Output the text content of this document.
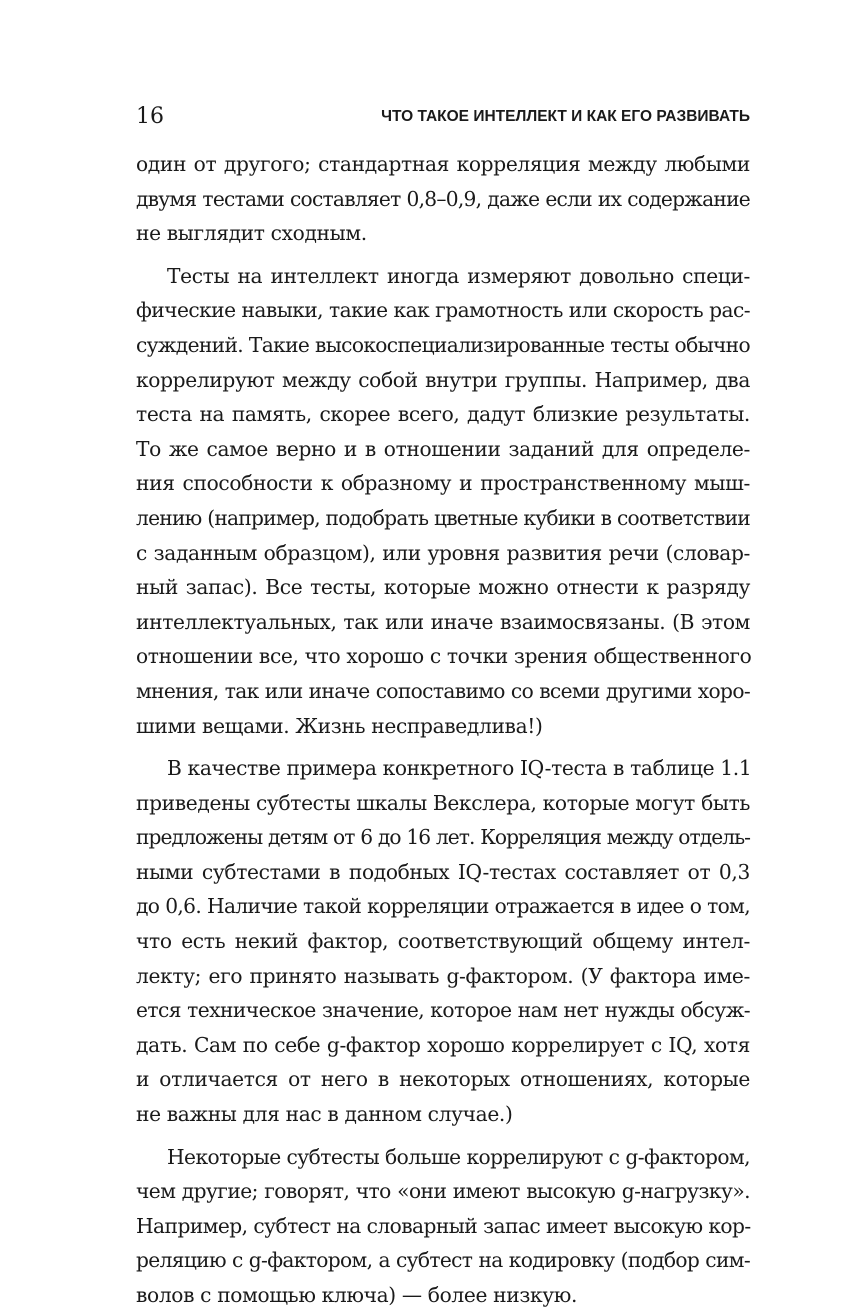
16	ЧТО ТАКОЕ ИНТЕЛЛЕКТ И КАК ЕГО РАЗВИВАТЬ
один от другого; стандартная корреляция между любыми
двумя тестами составляет 0,8–0,9, даже если их содержание
не выглядит сходным.
Тесты на интеллект иногда измеряют довольно специ-
фические навыки, такие как грамотность или скорость рас-
суждений. Такие высокоспециализированные тесты обычно
коррелируют между собой внутри группы. Например, два
теста на память, скорее всего, дадут близкие результаты.
То же самое верно и в отношении заданий для определе-
ния способности к образному и пространственному мыш-
лению (например, подобрать цветные кубики в соответствии
с заданным образцом), или уровня развития речи (словар-
ный запас). Все тесты, которые можно отнести к разряду
интеллектуальных, так или иначе взаимосвязаны. (В этом
отношении все, что хорошо с точки зрения общественного
мнения, так или иначе сопоставимо со всеми другими хоро-
шими вещами. Жизнь несправедлива!)
В качестве примера конкретного IQ-теста в таблице 1.1
приведены субтесты шкалы Векслера, которые могут быть
предложены детям от 6 до 16 лет. Корреляция между отдель-
ными субтестами в подобных IQ-тестах составляет от 0,3
до 0,6. Наличие такой корреляции отражается в идее о том,
что есть некий фактор, соответствующий общему интел-
лекту; его принято называть g-фактором. (У фактора име-
ется техническое значение, которое нам нет нужды обсуж-
дать. Сам по себе g-фактор хорошо коррелирует с IQ, хотя
и отличается от него в некоторых отношениях, которые
не важны для нас в данном случае.)
Некоторые субтесты больше коррелируют с g-фактором,
чем другие; говорят, что «они имеют высокую g-нагрузку».
Например, субтест на словарный запас имеет высокую кор-
реляцию с g-фактором, а субтест на кодировку (подбор сим-
волов с помощью ключа) — более низкую.
